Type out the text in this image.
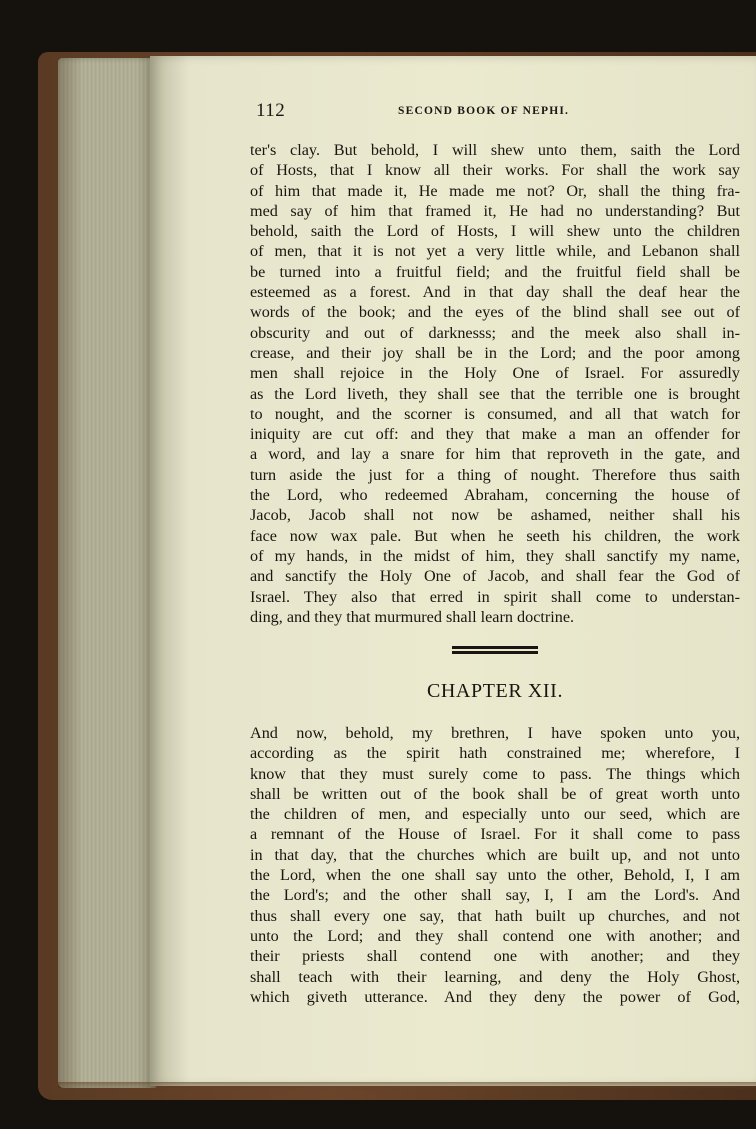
112	SECOND BOOK OF NEPHI.
ter's clay. But behold, I will shew unto them, saith the Lord
of Hosts, that I know all their works. For shall the work say
of him that made it, He made me not? Or, shall the thing fra-
med say of him that framed it, He had no understanding? But
behold, saith the Lord of Hosts, I will shew unto the children
of men, that it is not yet a very little while, and Lebanon shall
be turned into a fruitful field; and the fruitful field shall be
esteemed as a forest. And in that day shall the deaf hear the
words of the book; and the eyes of the blind shall see out of
obscurity and out of darknesss; and the meek also shall in-
crease, and their joy shall be in the Lord; and the poor among
men shall rejoice in the Holy One of Israel. For assuredly
as the Lord liveth, they shall see that the terrible one is brought
to nought, and the scorner is consumed, and all that watch for
iniquity are cut off: and they that make a man an offender for
a word, and lay a snare for him that reproveth in the gate, and
turn aside the just for a thing of nought. Therefore thus saith
the Lord, who redeemed Abraham, concerning the house of
Jacob, Jacob shall not now be ashamed, neither shall his
face now wax pale. But when he seeth his children, the work
of my hands, in the midst of him, they shall sanctify my name,
and sanctify the Holy One of Jacob, and shall fear the God of
Israel. They also that erred in spirit shall come to understan-
ding, and they that murmured shall learn doctrine.
CHAPTER XII.
And now, behold, my brethren, I have spoken unto you,
according as the spirit hath constrained me; wherefore, I
know that they must surely come to pass. The things which
shall be written out of the book shall be of great worth unto
the children of men, and especially unto our seed, which are
a remnant of the House of Israel. For it shall come to pass
in that day, that the churches which are built up, and not unto
the Lord, when the one shall say unto the other, Behold, I, I am
the Lord's; and the other shall say, I, I am the Lord's. And
thus shall every one say, that hath built up churches, and not
unto the Lord; and they shall contend one with another; and
their priests shall contend one with another; and they
shall teach with their learning, and deny the Holy Ghost,
which giveth utterance. And they deny the power of God,
